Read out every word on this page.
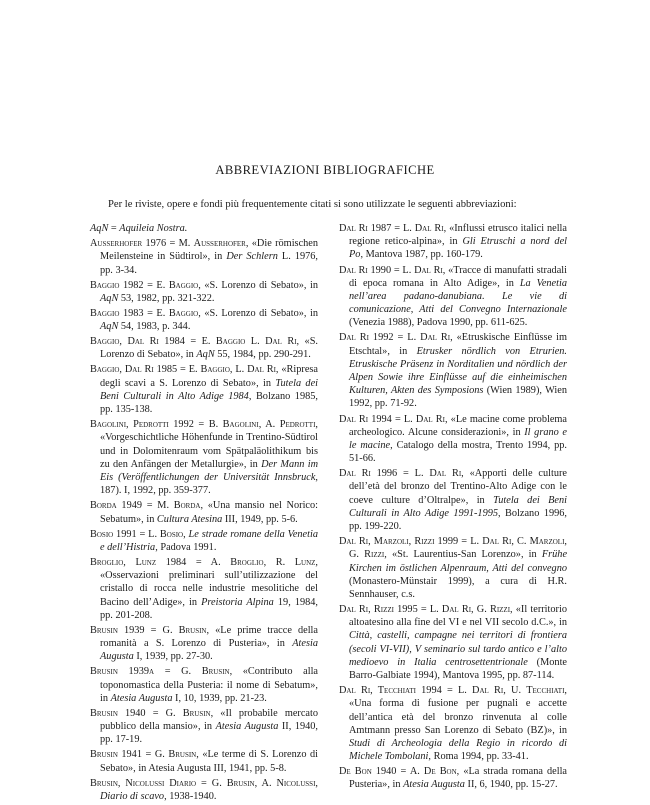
ABBREVIAZIONI BIBLIOGRAFICHE
Per le riviste, opere e fondi più frequentemente citati si sono utilizzate le seguenti abbreviazioni:
AqN = Aquileia Nostra.
Außerhofer 1976 = M. Außerhofer, «Die römischen Meilensteine in Südtirol», in Der Schlern L. 1976, pp. 3-34.
Baggio 1982 = E. Baggio, «S. Lorenzo di Sebato», in AqN 53, 1982, pp. 321-322.
Baggio 1983 = E. Baggio, «S. Lorenzo di Sebato», in AqN 54, 1983, p. 344.
Baggio, Dal Ri 1984 = E. Baggio L. Dal Ri, «S. Lorenzo di Sebato», in AqN 55, 1984, pp. 290-291.
Baggio, Dal Ri 1985 = E. Baggio, L. Dal Ri, «Ripresa degli scavi a S. Lorenzo di Sebato», in Tutela dei Beni Culturali in Alto Adige 1984, Bolzano 1985, pp. 135-138.
Bagolini, Pedrotti 1992 = B. Bagolini, A. Pedrotti, «Vorgeschichtliche Höhenfunde in Trentino-Südtirol und in Dolomitenraum vom Spätpaläolithikum bis zu den Anfängen der Metallurgie», in Der Mann im Eis (Veröffentlichungen der Universität Innsbruck, 187). I, 1992, pp. 359-377.
Borda 1949 = M. Borda, «Una mansio nel Norico: Sebatum», in Cultura Atesina III, 1949, pp. 5-6.
Bosio 1991 = L. Bosio, Le strade romane della Venetia e dell’Histria, Padova 1991.
Broglio, Lunz 1984 = A. Broglio, R. Lunz, «Osservazioni preliminari sull’utilizzazione del cristallo di rocca nelle industrie mesolitiche del Bacino dell’Adige», in Preistoria Alpina 19, 1984, pp. 201-208.
Brusin 1939 = G. Brusin, «Le prime tracce della romanità a S. Lorenzo di Pusteria», in Atesia Augusta I, 1939, pp. 27-30.
Brusin 1939a = G. Brusin, «Contributo alla toponomastica della Pusteria: il nome di Sebatum», in Atesia Augusta I, 10, 1939, pp. 21-23.
Brusin 1940 = G. Brusin, «Il probabile mercato pubblico della mansio», in Atesia Augusta II, 1940, pp. 17-19.
Brusin 1941 = G. Brusin, «Le terme di S. Lorenzo di Sebato», in Atesia Augusta III, 1941, pp. 5-8.
Brusin, Nicolussi Diario = G. Brusin, A. Nicolussi, Diario di scavo, 1938-1940.
Dal Ri 1987 = L. Dal Ri, «Influssi etrusco italici nella regione retico-alpina», in Gli Etruschi a nord del Po, Mantova 1987, pp. 160-179.
Dal Ri 1990 = L. Dal Ri, «Tracce di manufatti stradali di epoca romana in Alto Adige», in La Venetia nell’area padano-danubiana. Le vie di comunicazione, Atti del Convegno Internazionale (Venezia 1988), Padova 1990, pp. 611-625.
Dal Ri 1992 = L. Dal Ri, «Etruskische Einflüsse im Etschtal», in Etrusker nördlich von Etrurien. Etruskische Präsenz in Norditalien und nördlich der Alpen Sowie ihre Einflüsse auf die einheimischen Kulturen, Akten des Symposions (Wien 1989), Wien 1992, pp. 71-92.
Dal Ri 1994 = L. Dal Ri, «Le macine come problema archeologico. Alcune considerazioni», in Il grano e le macine, Catalogo della mostra, Trento 1994, pp. 51-66.
Dal Ri 1996 = L. Dal Ri, «Apporti delle culture dell’età del bronzo del Trentino-Alto Adige con le coeve culture d’Oltralpe», in Tutela dei Beni Culturali in Alto Adige 1991-1995, Bolzano 1996, pp. 199-220.
Dal Ri, Marzoli, Rizzi 1999 = L. Dal Ri, C. Marzoli, G. Rizzi, «St. Laurentius-San Lorenzo», in Frühe Kirchen im östlichen Alpenraum, Atti del convegno (Monastero-Münstair 1999), a cura di H.R. Sennhauser, c.s.
Dal Ri, Rizzi 1995 = L. Dal Ri, G. Rizzi, «Il territorio altoatesino alla fine del VI e nel VII secolo d.C.», in Città, castelli, campagne nei territori di frontiera (secoli VI-VII), V seminario sul tardo antico e l’alto medioevo in Italia centrosettentrionale (Monte Barro-Galbiate 1994), Mantova 1995, pp. 87-114.
Dal Ri, Tecchiati 1994 = L. Dal Ri, U. Tecchiati, «Una forma di fusione per pugnali e accette dell’antica età del bronzo rinvenuta al colle Amtmann presso San Lorenzo di Sebato (BZ)», in Studi di Archeologia della Regio in ricordo di Michele Tombolani, Roma 1994, pp. 33-41.
De Bon 1940 = A. De Bon, «La strada romana della Pusteria», in Atesia Augusta II, 6, 1940, pp. 15-27.
